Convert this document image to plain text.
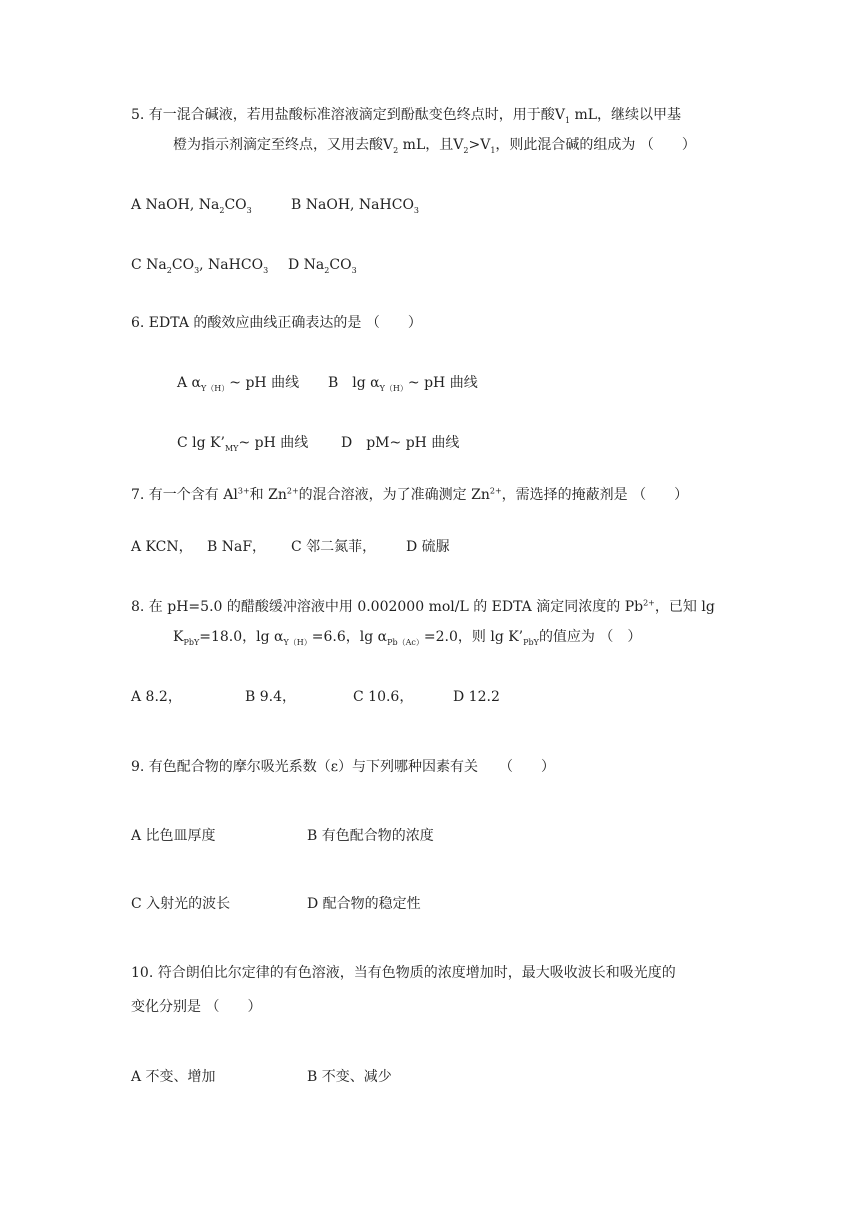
5. 有一混合碱液，若用盐酸标准溶液滴定到酚酞变色终点时，用于酸$V_1$ mL，继续以甲基
橙为指示剂滴定至终点，又用去酸$V_2$ mL，且$V_2>V_1$，则此混合碱的组成为 （　　）
A NaOH, $Na_2CO_3$	B NaOH, NaHCO$_3$
C $Na_2CO_3$, NaHCO$_3$ D $Na_2CO_3$
6. EDTA 的酸效应曲线正确表达的是 （　　）
A $\alpha_{Y(H)}\sim$ pH 曲线 B　$\lg \alpha_{Y(H)}\sim$ pH 曲线
C $\lg K’_{MY}\sim$ pH 曲线 D　pM~ pH 曲线
7. 有一个含有 $Al^{3+}$和 $Zn^{2+}$的混合溶液，为了准确测定 $Zn^{2+}$，需选择的掩蔽剂是 （　　）
A KCN， B NaF， C 邻二氮菲， D 硫脲
8. 在 pH=5.0 的醋酸缓冲溶液中用 0.002000 mol/L 的 EDTA 滴定同浓度的 $Pb^{2+}$，已知 lg
$K_{PbY}=18.0$，$\lg \alpha_{Y(H)}=6.6$，$\lg \alpha_{Pb(Ac)}=2.0$，则 $\lg K’_{PbY}$的值应为 （　）
A 8.2，	B 9.4，	C 10.6，	D 12.2
9. 有色配合物的摩尔吸光系数（ε）与下列哪种因素有关　　（　　）
A 比色皿厚度	B 有色配合物的浓度
C 入射光的波长	D 配合物的稳定性
10. 符合朗伯比尔定律的有色溶液，当有色物质的浓度增加时，最大吸收波长和吸光度的
变化分别是 （　　）
A 不变、增加	B 不变、减少
